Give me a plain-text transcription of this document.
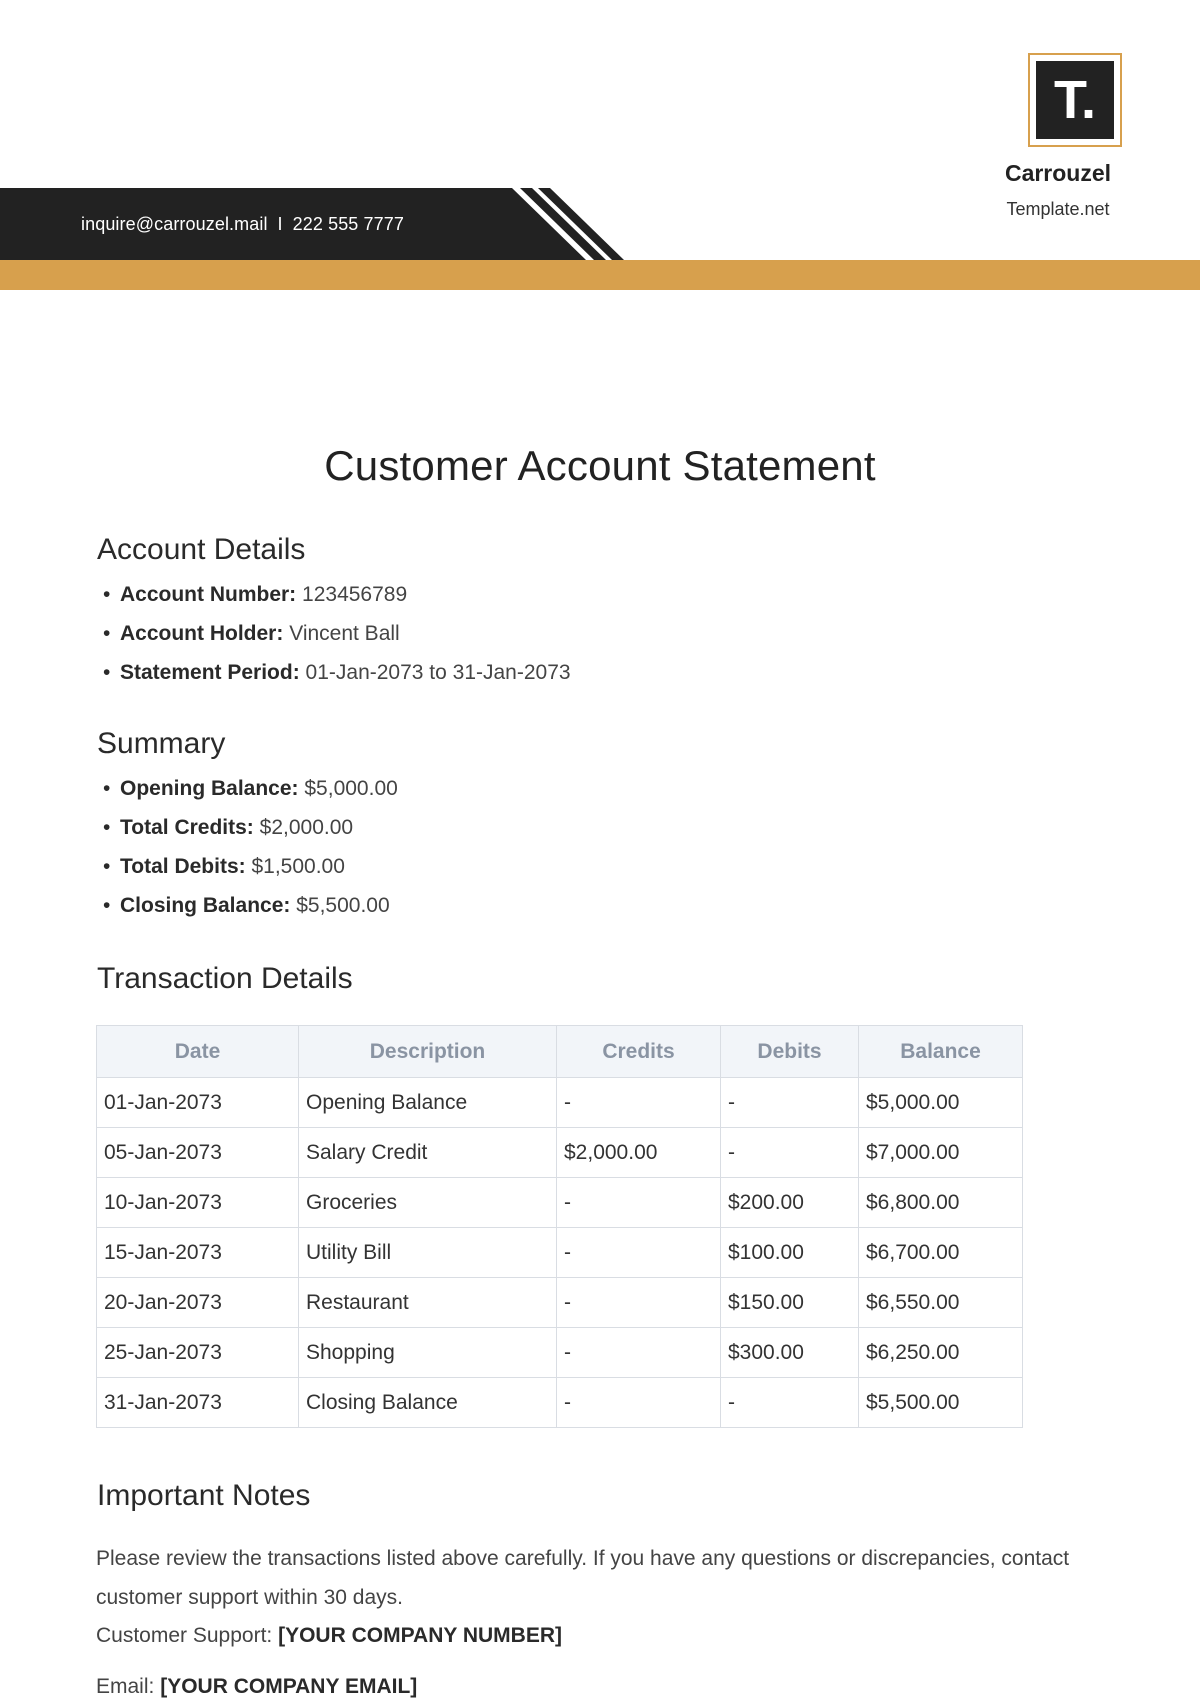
inquire@carrouzel.mail I 222 555 7777
T.
Carrouzel
Template.net
Customer Account Statement
Account Details
• Account Number: 123456789
• Account Holder: Vincent Ball
• Statement Period: 01-Jan-2073 to 31-Jan-2073
Summary
• Opening Balance: $5,000.00
• Total Credits: $2,000.00
• Total Debits: $1,500.00
• Closing Balance: $5,500.00
Transaction Details
Date	Description	Credits	Debits	Balance
01-Jan-2073	Opening Balance	-	-	$5,000.00
05-Jan-2073	Salary Credit	$2,000.00	-	$7,000.00
10-Jan-2073	Groceries	-	$200.00	$6,800.00
15-Jan-2073	Utility Bill	-	$100.00	$6,700.00
20-Jan-2073	Restaurant	-	$150.00	$6,550.00
25-Jan-2073	Shopping	-	$300.00	$6,250.00
31-Jan-2073	Closing Balance	-	-	$5,500.00
Important Notes

Please review the transactions listed above carefully. If you have any questions or discrepancies, contact customer support within 30 days.

Customer Support: [YOUR COMPANY NUMBER]
Email: [YOUR COMPANY EMAIL]
